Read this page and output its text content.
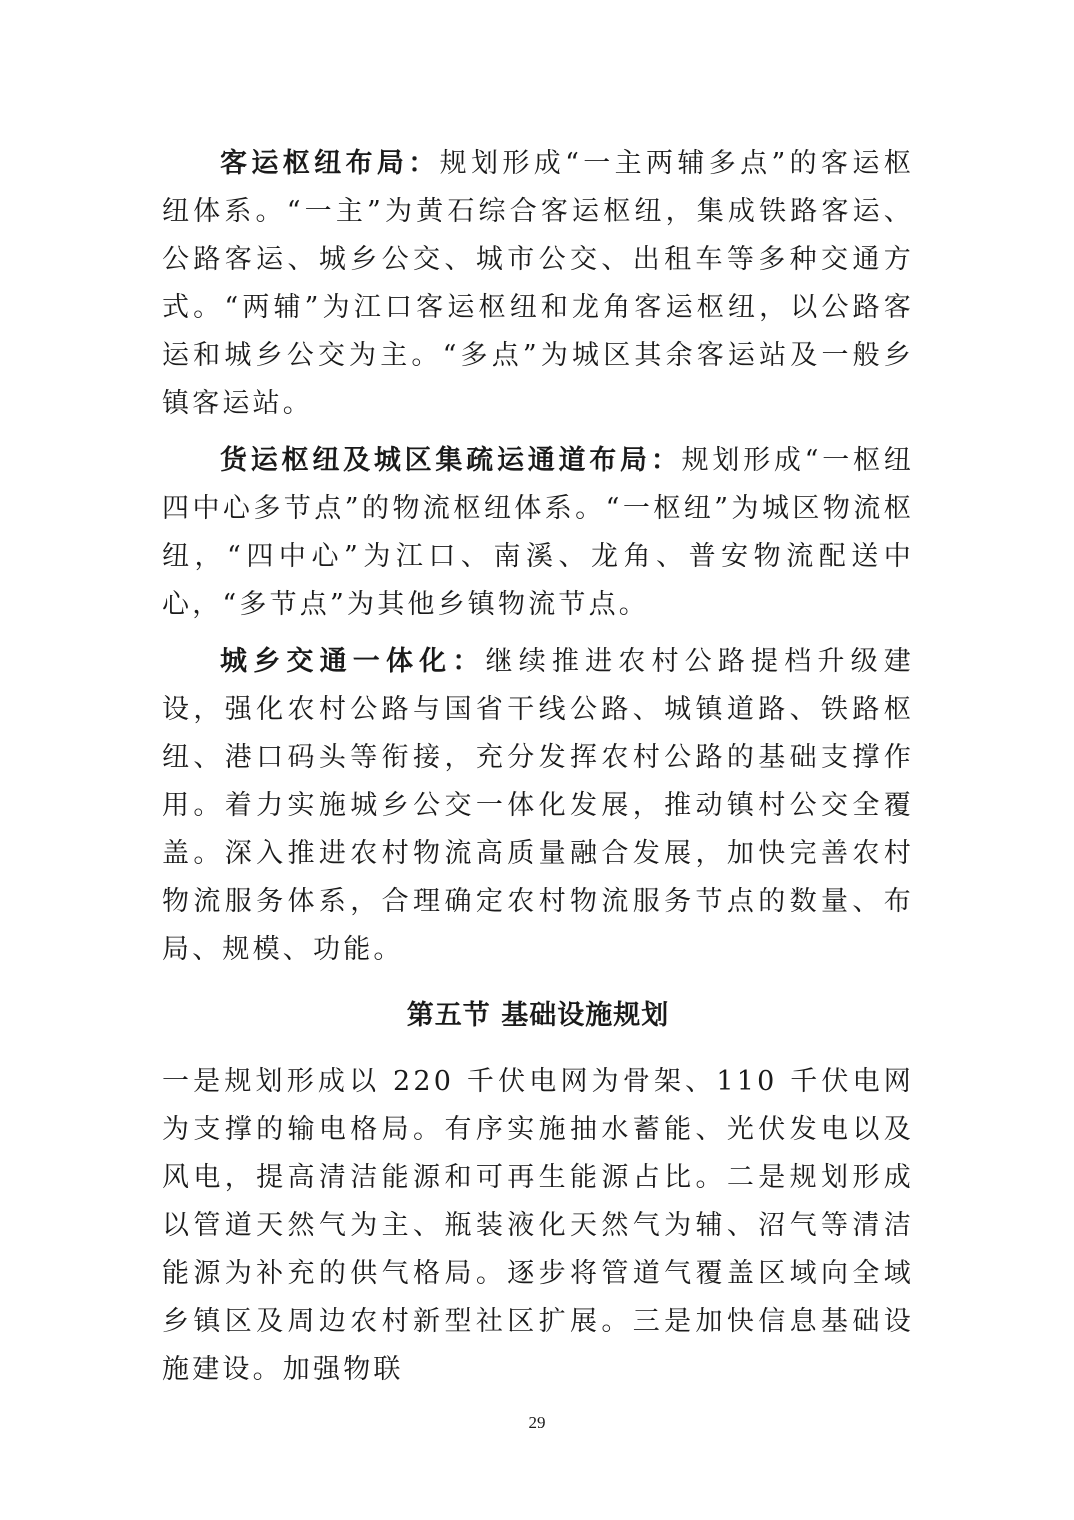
客运枢纽布局：规划形成“一主两辅多点”的客运枢纽体系。“一主”为黄石综合客运枢纽，集成铁路客运、公路客运、城乡公交、城市公交、出租车等多种交通方式。“两辅”为江口客运枢纽和龙角客运枢纽，以公路客运和城乡公交为主。“多点”为城区其余客运站及一般乡镇客运站。

货运枢纽及城区集疏运通道布局：规划形成“一枢纽四中心多节点”的物流枢纽体系。“一枢纽”为城区物流枢纽，“四中心”为江口、南溪、龙角、普安物流配送中心，“多节点”为其他乡镇物流节点。

城乡交通一体化：继续推进农村公路提档升级建设，强化农村公路与国省干线公路、城镇道路、铁路枢纽、港口码头等衔接，充分发挥农村公路的基础支撑作用。着力实施城乡公交一体化发展，推动镇村公交全覆盖。深入推进农村物流高质量融合发展，加快完善农村物流服务体系，合理确定农村物流服务节点的数量、布局、规模、功能。

第五节 基础设施规划

一是规划形成以 220 千伏电网为骨架、110 千伏电网为支撑的输电格局。有序实施抽水蓄能、光伏发电以及风电，提高清洁能源和可再生能源占比。二是规划形成以管道天然气为主、瓶装液化天然气为辅、沼气等清洁能源为补充的供气格局。逐步将管道气覆盖区域向全域乡镇区及周边农村新型社区扩展。三是加快信息基础设施建设。加强物联

29
